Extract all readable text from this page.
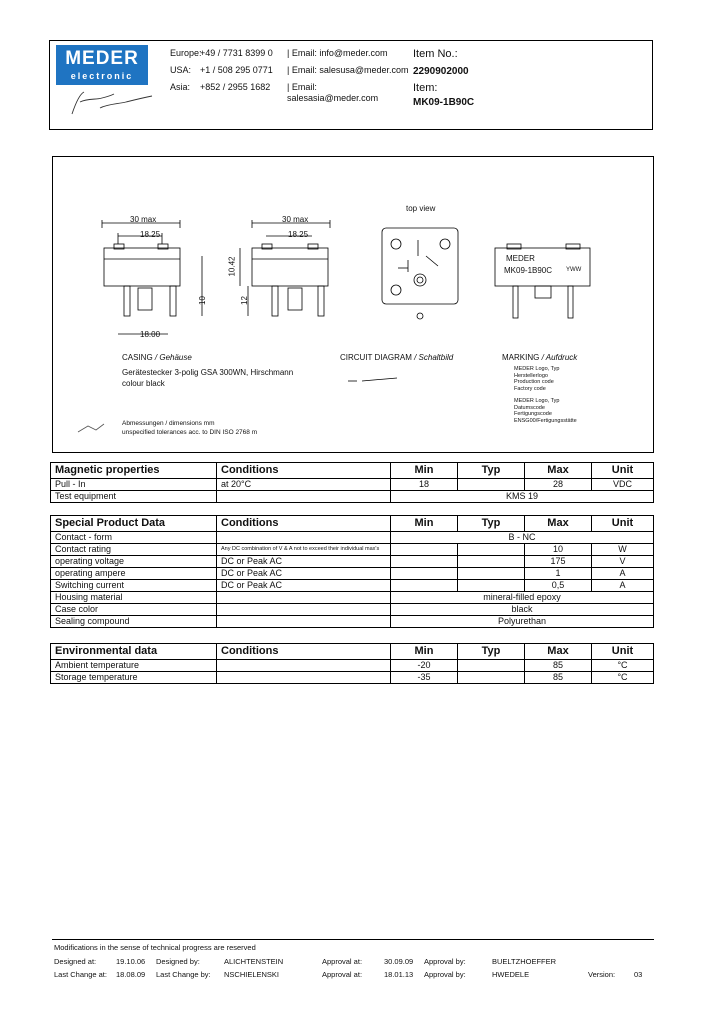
MEDER
electronic
Europe:
+49 / 7731 8399 0 | Email: info@meder.com
USA: +1 / 508 295 0771 | Email: salesusa@meder.com
Asia: +852 / 2955 1682 | Email: salesasia@meder.com
Item No.:
2290902000
Item:
MK09-1B90C
30 max
18.25
30 max
18.25
10.42
10	12
18.00
top view
MEDER
MK09-1B90C YWW
CASING / Gehäuse
Gerätestecker 3-polig GSA 300WN, Hirschmann
colour black
Abmessungen / dimensions mm
unspecified tolerances acc. to DIN ISO 2768 m
CIRCUIT DIAGRAM / Schaltbild	MARKING / Aufdruck
MEDER Logo, Typ
Herstellerlogo
Production code
Factory code
MEDER Logo, Typ
Datumscode
Fertigungscode
ENSG00/Fertigungsstätte
Magnetic properties	Conditions	Min	Typ	Max	Unit
Pull - In	at 20°C	18		28	VDC
Test equipment		KMS 19			
Special Product Data	Conditions	Min	Typ	Max	Unit
Contact - form		B - NC			
Contact rating	Any DC combination of V & A not to exceed their individual max's			10	W
operating voltage	DC or Peak AC			175	V
operating ampere	DC or Peak AC			1	A
Switching current	DC or Peak AC			0,5	A
Housing material		mineral-filled epoxy			
Case color		black			
Sealing compound		Polyurethan			
Environmental data	Conditions	Min	Typ	Max	Unit
Ambient temperature		-20		85	°C
Storage temperature		-35		85	°C
Modifications in the sense of technical progress are reserved
Designed at:	19.10.06 Designed by:	ALICHTENSTEIN	Approval at:	30.09.09 Approval by:	BUELTZHOEFFER
Last Change at: 18.08.09 Last Change by: NSCHIELENSKI	Approval at:	18.01.13 Approval by:	HWEDELE	Version:	03
